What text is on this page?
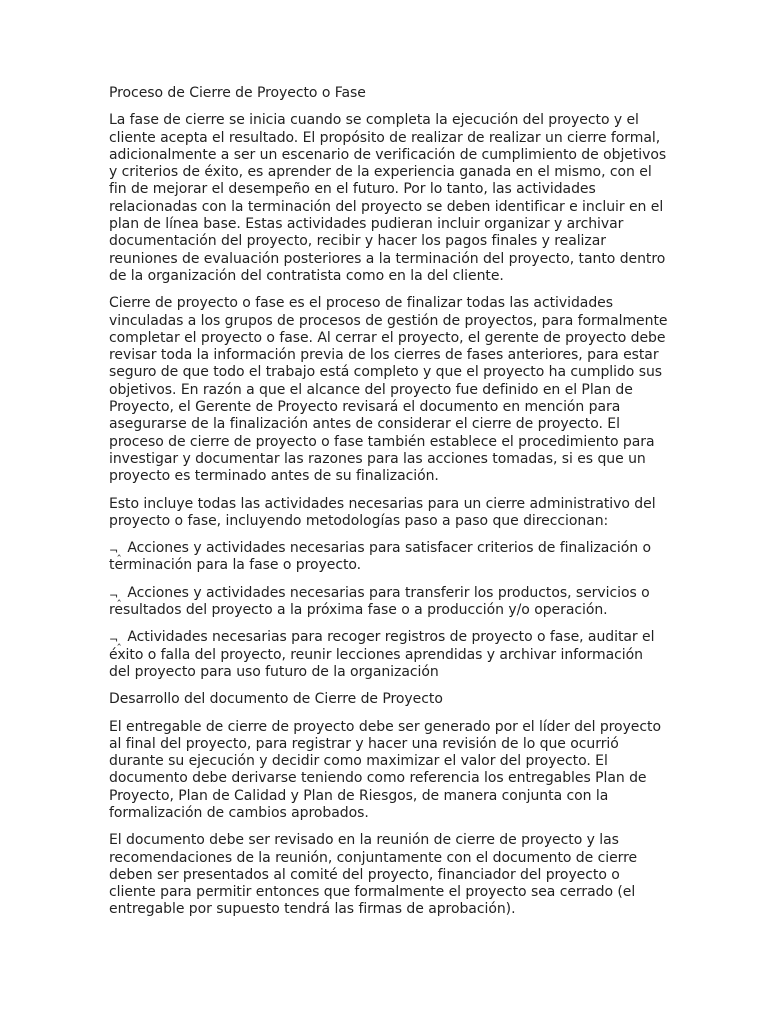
Proceso de Cierre de Proyecto o Fase

La fase de cierre se inicia cuando se completa la ejecución del proyecto y el cliente acepta el resultado. El propósito de realizar de realizar un cierre formal, adicionalmente a ser un escenario de verificación de cumplimiento de objetivos y criterios de éxito, es aprender de la experiencia ganada en el mismo, con el fin de mejorar el desempeño en el futuro. Por lo tanto, las actividades relacionadas con la terminación del proyecto se deben identificar e incluir en el plan de línea base. Estas actividades pudieran incluir organizar y archivar documentación del proyecto, recibir y hacer los pagos finales y realizar reuniones de evaluación posteriores a la terminación del proyecto, tanto dentro de la organización del contratista como en la del cliente.

Cierre de proyecto o fase es el proceso de finalizar todas las actividades vinculadas a los grupos de procesos de gestión de proyectos, para formalmente completar el proyecto o fase. Al cerrar el proyecto, el gerente de proyecto debe revisar toda la información previa de los cierres de fases anteriores, para estar seguro de que todo el trabajo está completo y que el proyecto ha cumplido sus objetivos. En razón a que el alcance del proyecto fue definido en el Plan de Proyecto, el Gerente de Proyecto revisará el documento en mención para asegurarse de la finalización antes de considerar el cierre de proyecto. El proceso de cierre de proyecto o fase también establece el procedimiento para investigar y documentar las razones para las acciones tomadas, si es que un proyecto es terminado antes de su finalización.

Esto incluye todas las actividades necesarias para un cierre administrativo del proyecto o fase, incluyendo metodologías paso a paso que direccionan:

¬‸ Acciones y actividades necesarias para satisfacer criterios de finalización o terminación para la fase o proyecto.

¬‸ Acciones y actividades necesarias para transferir los productos, servicios o resultados del proyecto a la próxima fase o a producción y/o operación.

¬‸ Actividades necesarias para recoger registros de proyecto o fase, auditar el éxito o falla del proyecto, reunir lecciones aprendidas y archivar información del proyecto para uso futuro de la organización

Desarrollo del documento de Cierre de Proyecto

El entregable de cierre de proyecto debe ser generado por el líder del proyecto al final del proyecto, para registrar y hacer una revisión de lo que ocurrió durante su ejecución y decidir como maximizar el valor del proyecto. El documento debe derivarse teniendo como referencia los entregables Plan de Proyecto, Plan de Calidad y Plan de Riesgos, de manera conjunta con la formalización de cambios aprobados.

El documento debe ser revisado en la reunión de cierre de proyecto y las recomendaciones de la reunión, conjuntamente con el documento de cierre deben ser presentados al comité del proyecto, financiador del proyecto o cliente para permitir entonces que formalmente el proyecto sea cerrado (el entregable por supuesto tendrá las firmas de aprobación).
